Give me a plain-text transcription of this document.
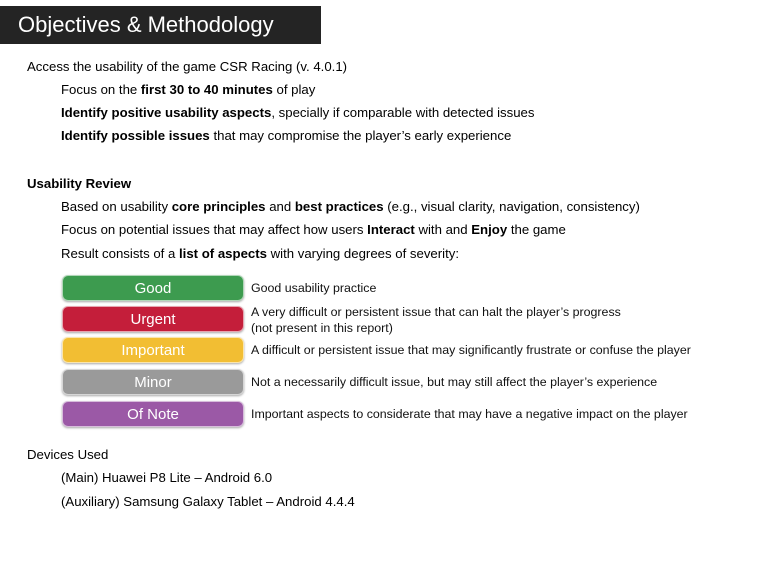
Objectives & Methodology
Access the usability of the game CSR Racing (v. 4.0.1)
Focus on the first 30 to 40 minutes of play
Identify positive usability aspects, specially if comparable with detected issues
Identify possible issues that may compromise the player’s early experience
Usability Review
Based on usability core principles and best practices (e.g., visual clarity, navigation, consistency)
Focus on potential issues that may affect how users Interact with and Enjoy the game
Result consists of a list of aspects with varying degrees of severity:
Good	Good usability practice
Urgent	A very difficult or persistent issue that can halt the player’s progress
(not present in this report)
Important	A difficult or persistent issue that may significantly frustrate or confuse the player
Minor	Not a necessarily difficult issue, but may still affect the player’s experience
Of Note	Important aspects to considerate that may have a negative impact on the player
Devices Used
(Main) Huawei P8 Lite – Android 6.0
(Auxiliary) Samsung Galaxy Tablet – Android 4.4.4
